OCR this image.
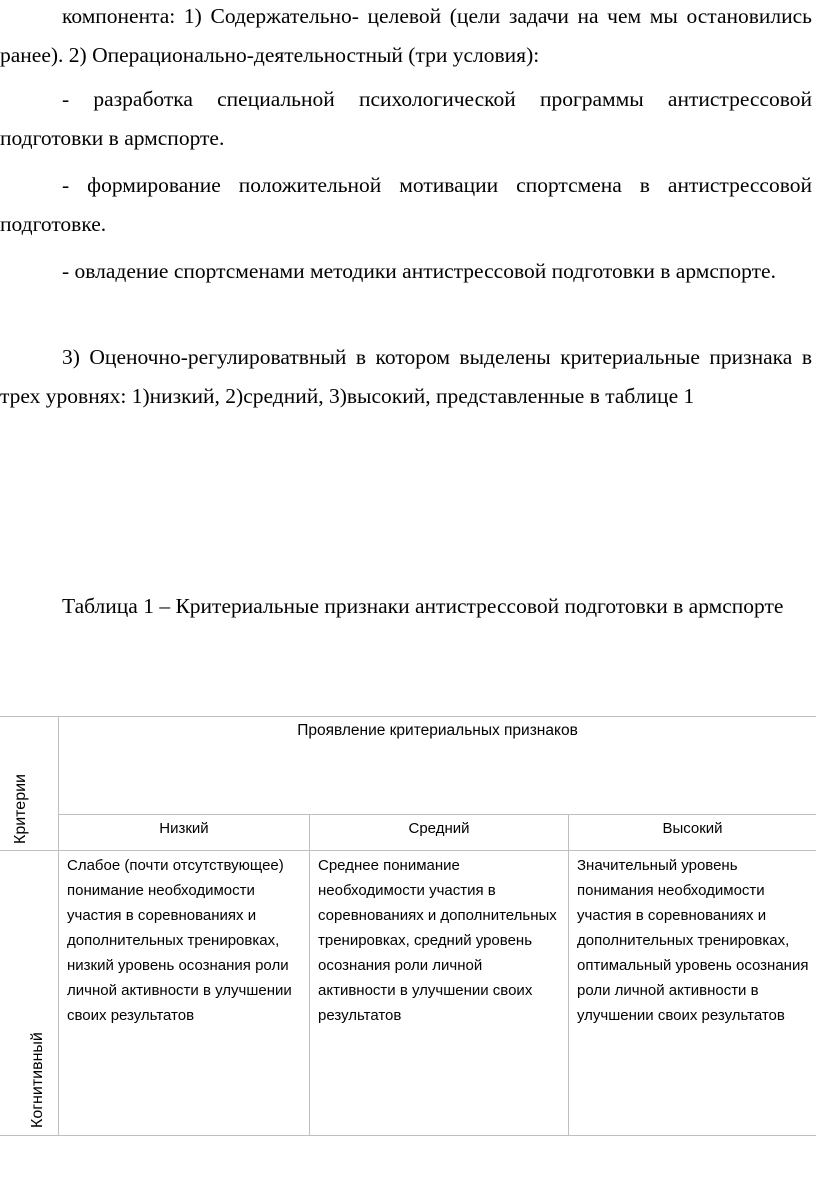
компонента: 1) Содержательно- целевой (цели задачи на чем мы остановились ранее). 2) Операционально-деятельностный (три условия):

- разработка специальной психологической программы антистрессовой подготовки в армспорте.

- формирование положительной мотивации спортсмена в антистрессовой подготовке.

- овладение спортсменами методики антистрессовой подготовки в армспорте.

3) Оценочно-регулироватвный в котором выделены критериальные признака в трех уровнях: 1)низкий, 2)средний, 3)высокий, представленные в таблице 1

Таблица 1 – Критериальные признаки антистрессовой подготовки в армспорте

Критерии
Проявление критериальных признаков
Низкий	Средний	Высокий
Когнитивный
Слабое (почти отсутствующее) понимание необходимости участия в соревнованиях и дополнительных тренировках, низкий уровень осознания роли личной активности в улучшении своих результатов
Среднее понимание необходимости участия в соревнованиях и дополнительных тренировках, средний уровень осознания роли личной активности в улучшении своих результатов
Значительный уровень понимания необходимости участия в соревнованиях и дополнительных тренировках, оптимальный уровень осознания роли личной активности в улучшении своих результатов
